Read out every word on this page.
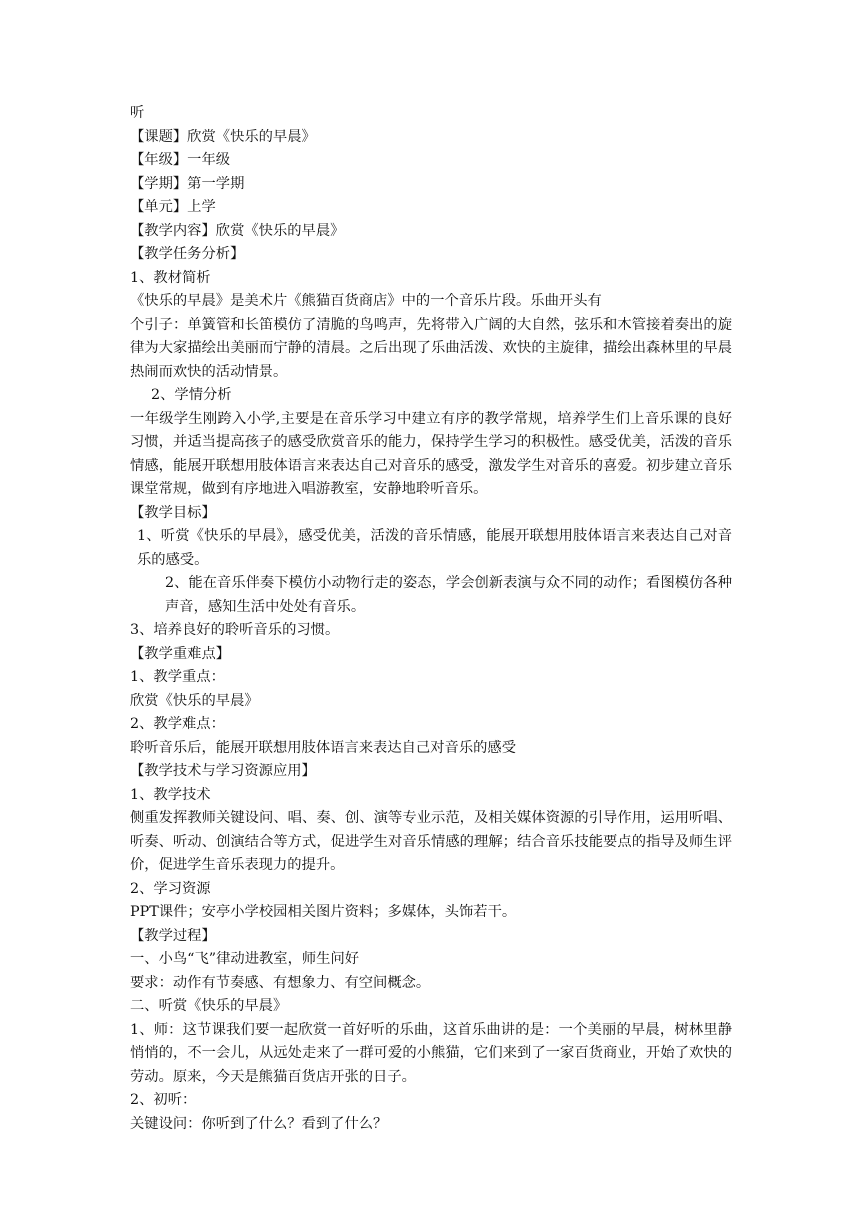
听

【课题】欣赏《快乐的早晨》

【年级】一年级

【学期】第一学期

【单元】上学

【教学内容】欣赏《快乐的早晨》

【教学任务分析】

1、教材简析

《快乐的早晨》是美术片《熊猫百货商店》中的一个音乐片段。乐曲开头有

个引子：单簧管和长笛模仿了清脆的鸟鸣声，先将带入广阔的大自然，弦乐和木管接着奏出的旋律为大家描绘出美丽而宁静的清晨。之后出现了乐曲活泼、欢快的主旋律，描绘出森林里的早晨热闹而欢快的活动情景。

2、学情分析

一年级学生刚跨入小学,主要是在音乐学习中建立有序的教学常规，培养学生们上音乐课的良好习惯，并适当提高孩子的感受欣赏音乐的能力，保持学生学习的积极性。感受优美，活泼的音乐情感，能展开联想用肢体语言来表达自己对音乐的感受，激发学生对音乐的喜爱。初步建立音乐课堂常规，做到有序地进入唱游教室，安静地聆听音乐。

【教学目标】

1、听赏《快乐的早晨》，感受优美，活泼的音乐情感，能展开联想用肢体语言来表达自己对音乐的感受。

2、能在音乐伴奏下模仿小动物行走的姿态，学会创新表演与众不同的动作；看图模仿各种声音，感知生活中处处有音乐。

3、培养良好的聆听音乐的习惯。

【教学重难点】

1、教学重点：

欣赏《快乐的早晨》

2、教学难点：

聆听音乐后，能展开联想用肢体语言来表达自己对音乐的感受

【教学技术与学习资源应用】

1、教学技术

侧重发挥教师关键设问、唱、奏、创、演等专业示范，及相关媒体资源的引导作用，运用听唱、听奏、听动、创演结合等方式，促进学生对音乐情感的理解；结合音乐技能要点的指导及师生评价，促进学生音乐表现力的提升。

2、学习资源

PPT课件；安亭小学校园相关图片资料；多媒体，头饰若干。

【教学过程】

一、小鸟“飞”律动进教室，师生问好

要求：动作有节奏感、有想象力、有空间概念。

二、听赏《快乐的早晨》

1、师：这节课我们要一起欣赏一首好听的乐曲，这首乐曲讲的是：一个美丽的早晨，树林里静悄悄的，不一会儿，从远处走来了一群可爱的小熊猫，它们来到了一家百货商业，开始了欢快的劳动。原来，今天是熊猫百货店开张的日子。

2、初听：

关键设问：你听到了什么？看到了什么？
